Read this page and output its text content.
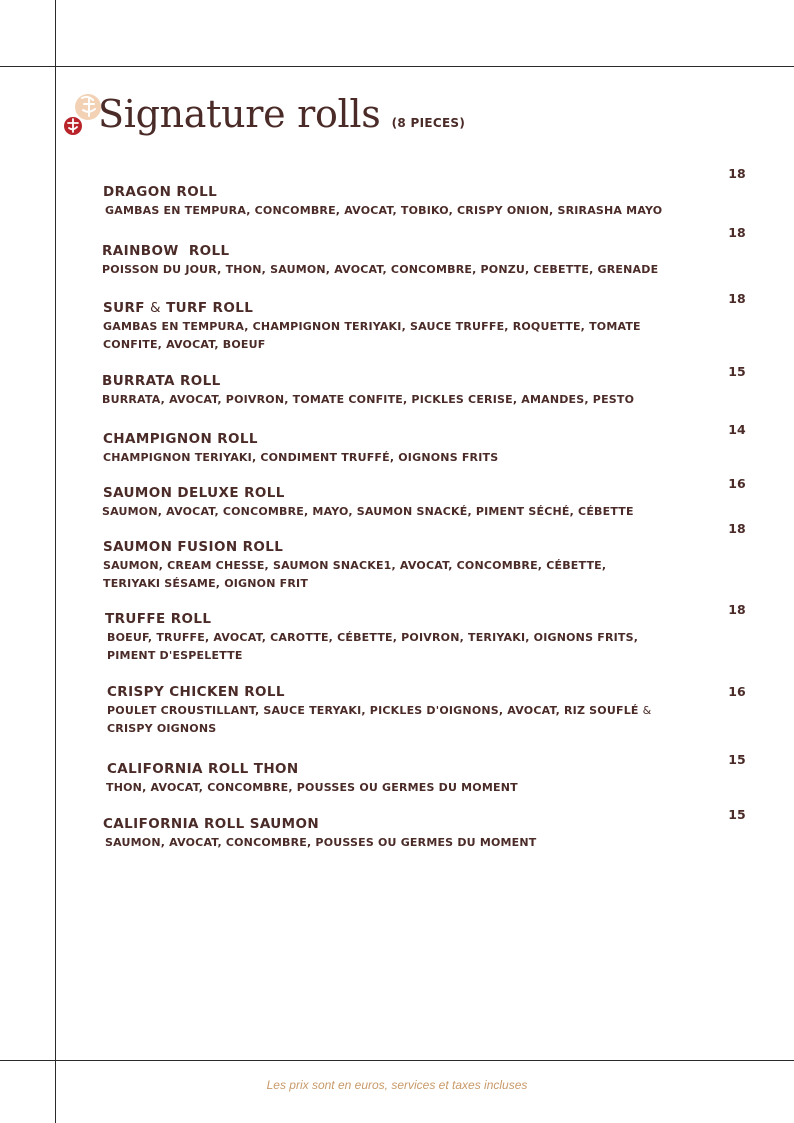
Signature rolls (8 PIECES)
18
DRAGON ROLL
GAMBAS EN TEMPURA, CONCOMBRE, AVOCAT, TOBIKO, CRISPY ONION, SRIRASHA MAYO
18
RAINBOW  ROLL
POISSON DU JOUR, THON, SAUMON, AVOCAT, CONCOMBRE, PONZU, CEBETTE, GRENADE
18
SURF & TURF ROLL
GAMBAS EN TEMPURA, CHAMPIGNON TERIYAKI, SAUCE TRUFFE, ROQUETTE, TOMATE CONFITE, AVOCAT, BOEUF
15
BURRATA ROLL
BURRATA, AVOCAT, POIVRON, TOMATE CONFITE, PICKLES CERISE, AMANDES, PESTO
14
CHAMPIGNON ROLL
CHAMPIGNON TERIYAKI, CONDIMENT TRUFFÉ, OIGNONS FRITS
16
SAUMON DELUXE ROLL
SAUMON, AVOCAT, CONCOMBRE, MAYO, SAUMON SNACKÉ, PIMENT SÉCHÉ, CÉBETTE
18
SAUMON FUSION ROLL
SAUMON, CREAM CHESSE, SAUMON SNACKE1, AVOCAT, CONCOMBRE, CÉBETTE, TERIYAKI SÉSAME, OIGNON FRIT
18
TRUFFE ROLL
BOEUF, TRUFFE, AVOCAT, CAROTTE, CÉBETTE, POIVRON, TERIYAKI, OIGNONS FRITS, PIMENT D'ESPELETTE
16
CRISPY CHICKEN ROLL
POULET CROUSTILLANT, SAUCE TERYAKI, PICKLES D'OIGNONS, AVOCAT, RIZ SOUFLÉ & CRISPY OIGNONS
15
CALIFORNIA ROLL THON
THON, AVOCAT, CONCOMBRE, POUSSES OU GERMES DU MOMENT
15
CALIFORNIA ROLL SAUMON
SAUMON, AVOCAT, CONCOMBRE, POUSSES OU GERMES DU MOMENT
Les prix sont en euros, services et taxes incluses
